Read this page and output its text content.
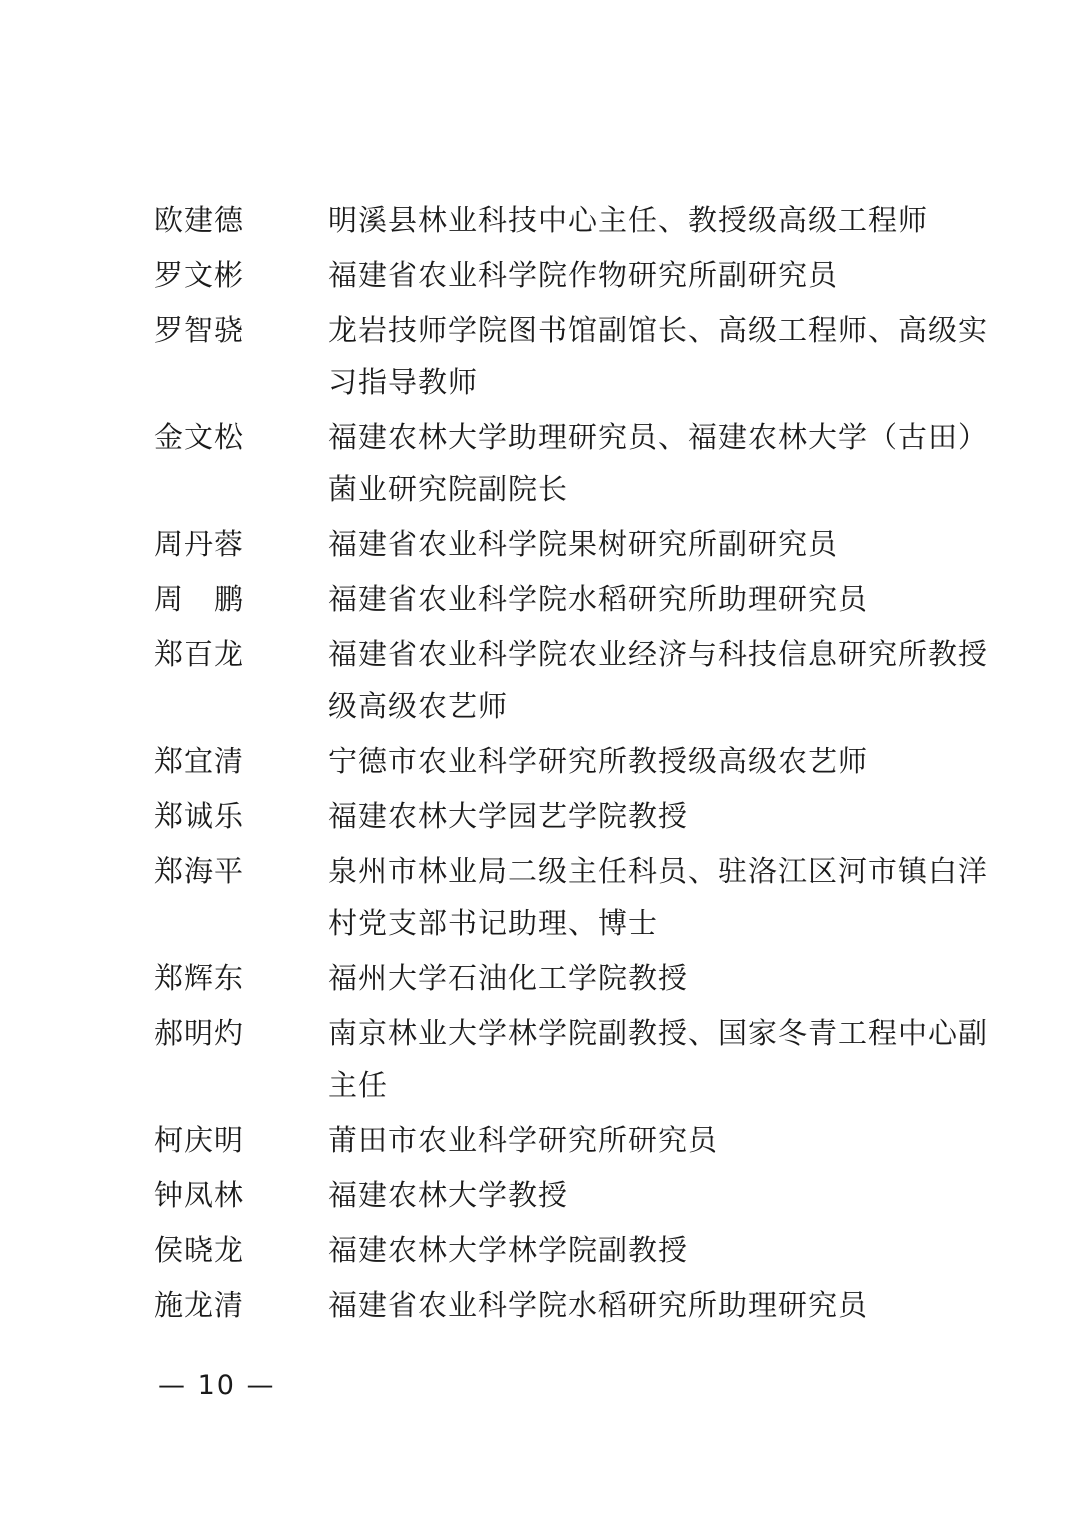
欧建德	明溪县林业科技中心主任、教授级高级工程师
罗文彬	福建省农业科学院作物研究所副研究员
罗智骁	龙岩技师学院图书馆副馆长、高级工程师、高级实习指导教师
金文松	福建农林大学助理研究员、福建农林大学（古田）菌业研究院副院长
周丹蓉	福建省农业科学院果树研究所副研究员
周　鹏	福建省农业科学院水稻研究所助理研究员
郑百龙	福建省农业科学院农业经济与科技信息研究所教授级高级农艺师
郑宜清	宁德市农业科学研究所教授级高级农艺师
郑诚乐	福建农林大学园艺学院教授
郑海平	泉州市林业局二级主任科员、驻洛江区河市镇白洋村党支部书记助理、博士
郑辉东	福州大学石油化工学院教授
郝明灼	南京林业大学林学院副教授、国家冬青工程中心副主任
柯庆明	莆田市农业科学研究所研究员
钟凤林	福建农林大学教授
侯晓龙	福建农林大学林学院副教授
施龙清	福建省农业科学院水稻研究所助理研究员
— 10 —
